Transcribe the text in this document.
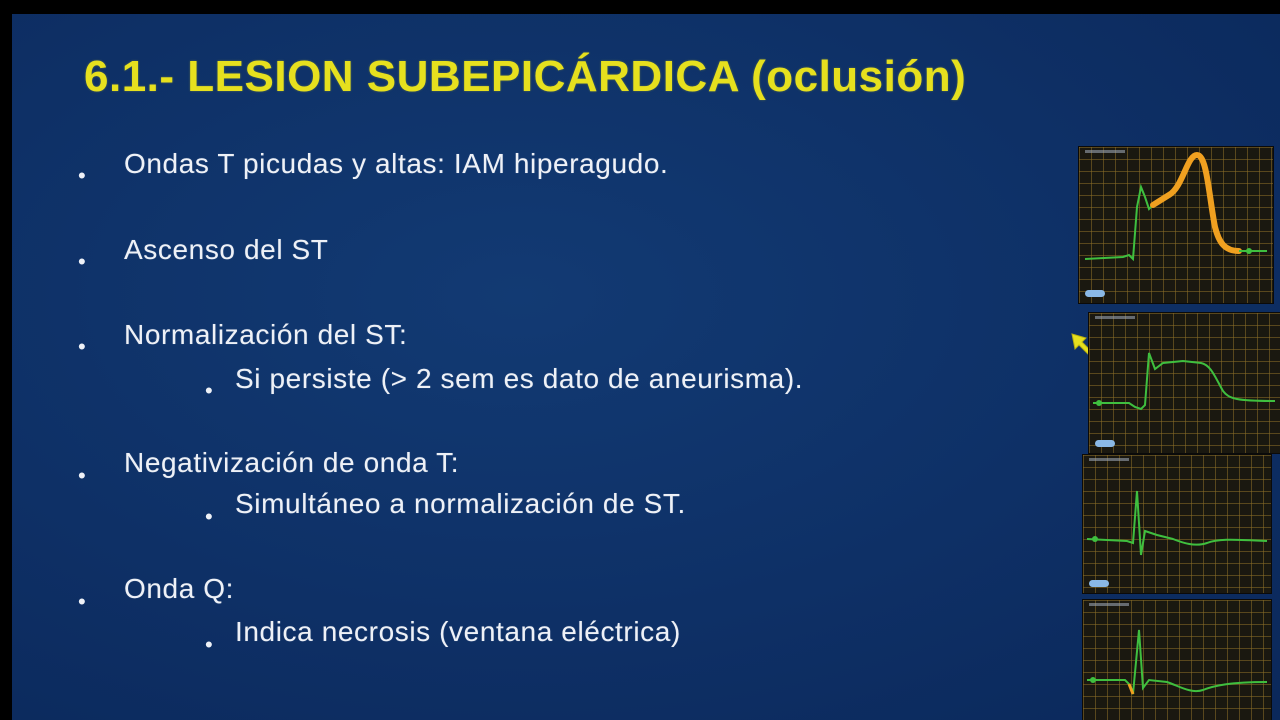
6.1.- LESION SUBEPICÁRDICA (oclusión)
• Ondas T picudas y altas: IAM hiperagudo.
• Ascenso del ST
• Normalización del ST:
• Si persiste (> 2 sem es dato de aneurisma).
• Negativización de onda T:
• Simultáneo a normalización de ST.
• Onda Q:
• Indica necrosis (ventana eléctrica)
